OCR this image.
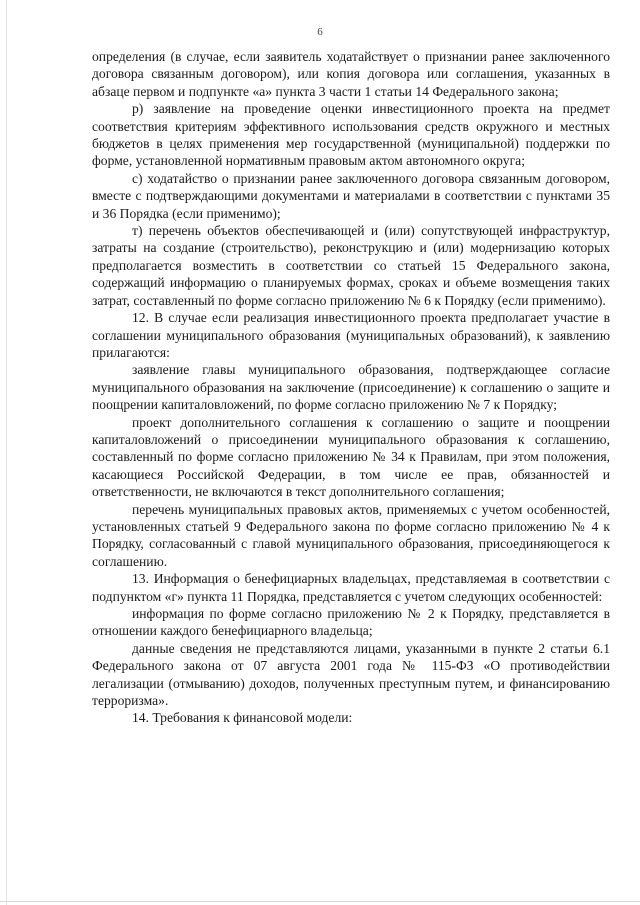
6

определения (в случае, если заявитель ходатайствует о признании ранее заключенного договора связанным договором), или копия договора или соглашения, указанных в абзаце первом и подпункте «а» пункта 3 части 1 статьи 14 Федерального закона;

р) заявление на проведение оценки инвестиционного проекта на предмет соответствия критериям эффективного использования средств окружного и местных бюджетов в целях применения мер государственной (муниципальной) поддержки по форме, установленной нормативным правовым актом автономного округа;

с) ходатайство о признании ранее заключенного договора связанным договором, вместе с подтверждающими документами и материалами в соответствии с пунктами 35 и 36 Порядка (если применимо);

т) перечень объектов обеспечивающей и (или) сопутствующей инфраструктур, затраты на создание (строительство), реконструкцию и (или) модернизацию которых предполагается возместить в соответствии со статьей 15 Федерального закона, содержащий информацию о планируемых формах, сроках и объеме возмещения таких затрат, составленный по форме согласно приложению № 6 к Порядку (если применимо).

12. В случае если реализация инвестиционного проекта предполагает участие в соглашении муниципального образования (муниципальных образований), к заявлению прилагаются:

заявление главы муниципального образования, подтверждающее согласие муниципального образования на заключение (присоединение) к соглашению о защите и поощрении капиталовложений, по форме согласно приложению № 7 к Порядку;

проект дополнительного соглашения к соглашению о защите и поощрении капиталовложений о присоединении муниципального образования к соглашению, составленный по форме согласно приложению № 34 к Правилам, при этом положения, касающиеся Российской Федерации, в том числе ее прав, обязанностей и ответственности, не включаются в текст дополнительного соглашения;

перечень муниципальных правовых актов, применяемых с учетом особенностей, установленных статьей 9 Федерального закона по форме согласно приложению № 4 к Порядку, согласованный с главой муниципального образования, присоединяющегося к соглашению.

13. Информация о бенефициарных владельцах, представляемая в соответствии с подпунктом «г» пункта 11 Порядка, представляется с учетом следующих особенностей:

информация по форме согласно приложению № 2 к Порядку, представляется в отношении каждого бенефициарного владельца;

данные сведения не представляются лицами, указанными в пункте 2 статьи 6.1 Федерального закона от 07 августа 2001 года № 115-ФЗ «О противодействии легализации (отмыванию) доходов, полученных преступным путем, и финансированию терроризма».

14. Требования к финансовой модели:
